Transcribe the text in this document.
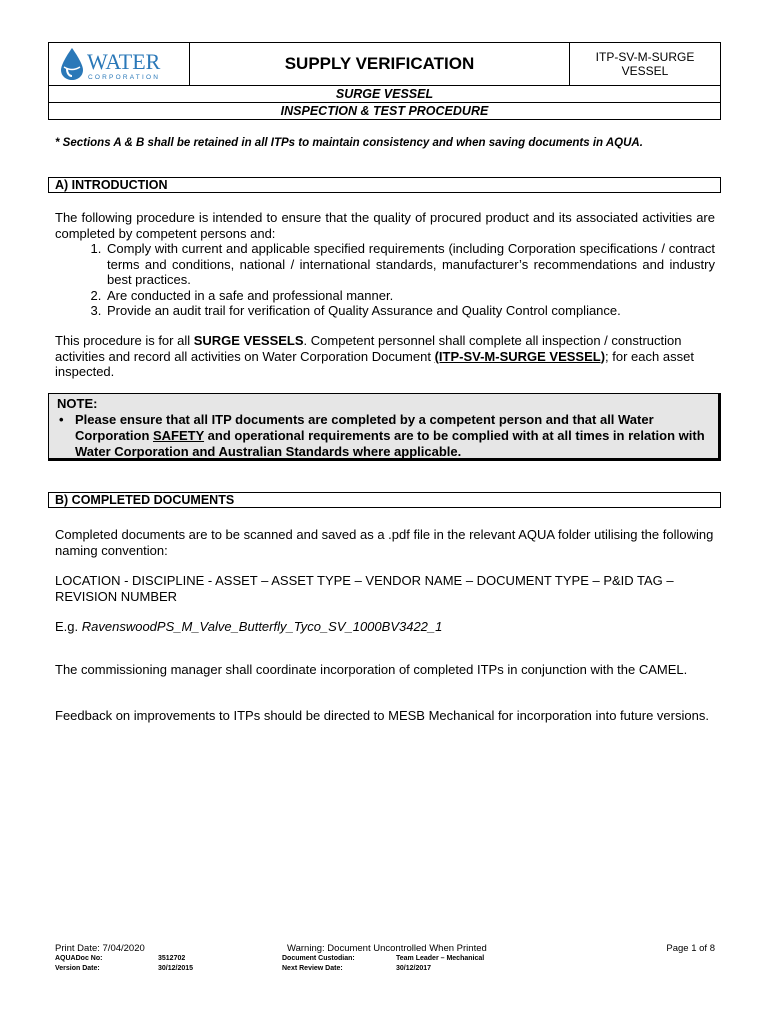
WATER
CORPORATION
SUPPLY VERIFICATION	ITP-SV-M-SURGE
VESSEL
SURGE VESSEL
INSPECTION & TEST PROCEDURE
* Sections A & B shall be retained in all ITPs to maintain consistency and when saving documents in AQUA.
A) INTRODUCTION
The following procedure is intended to ensure that the quality of procured product and its associated activities are completed by competent persons and:
1. Comply with current and applicable specified requirements (including Corporation specifications / contract terms and conditions, national / international standards, manufacturer’s recommendations and industry best practices.
2. Are conducted in a safe and professional manner.
3. Provide an audit trail for verification of Quality Assurance and Quality Control compliance.
This procedure is for all SURGE VESSELS. Competent personnel shall complete all inspection / construction activities and record all activities on Water Corporation Document (ITP-SV-M-SURGE VESSEL); for each asset inspected.
NOTE:
• Please ensure that all ITP documents are completed by a competent person and that all Water Corporation SAFETY and operational requirements are to be complied with at all times in relation with Water Corporation and Australian Standards where applicable.
B) COMPLETED DOCUMENTS
Completed documents are to be scanned and saved as a .pdf file in the relevant AQUA folder utilising the following naming convention:
LOCATION - DISCIPLINE - ASSET – ASSET TYPE – VENDOR NAME – DOCUMENT TYPE – P&ID TAG – REVISION NUMBER
E.g. RavenswoodPS_M_Valve_Butterfly_Tyco_SV_1000BV3422_1
The commissioning manager shall coordinate incorporation of completed ITPs in conjunction with the CAMEL.
Feedback on improvements to ITPs should be directed to MESB Mechanical for incorporation into future versions.
Print Date: 7/04/2020	Warning: Document Uncontrolled When Printed	Page 1 of 8
AQUADoc No:	3512702	Document Custodian:	Team Leader – Mechanical
Version Date:	30/12/2015	Next Review Date:	30/12/2017
